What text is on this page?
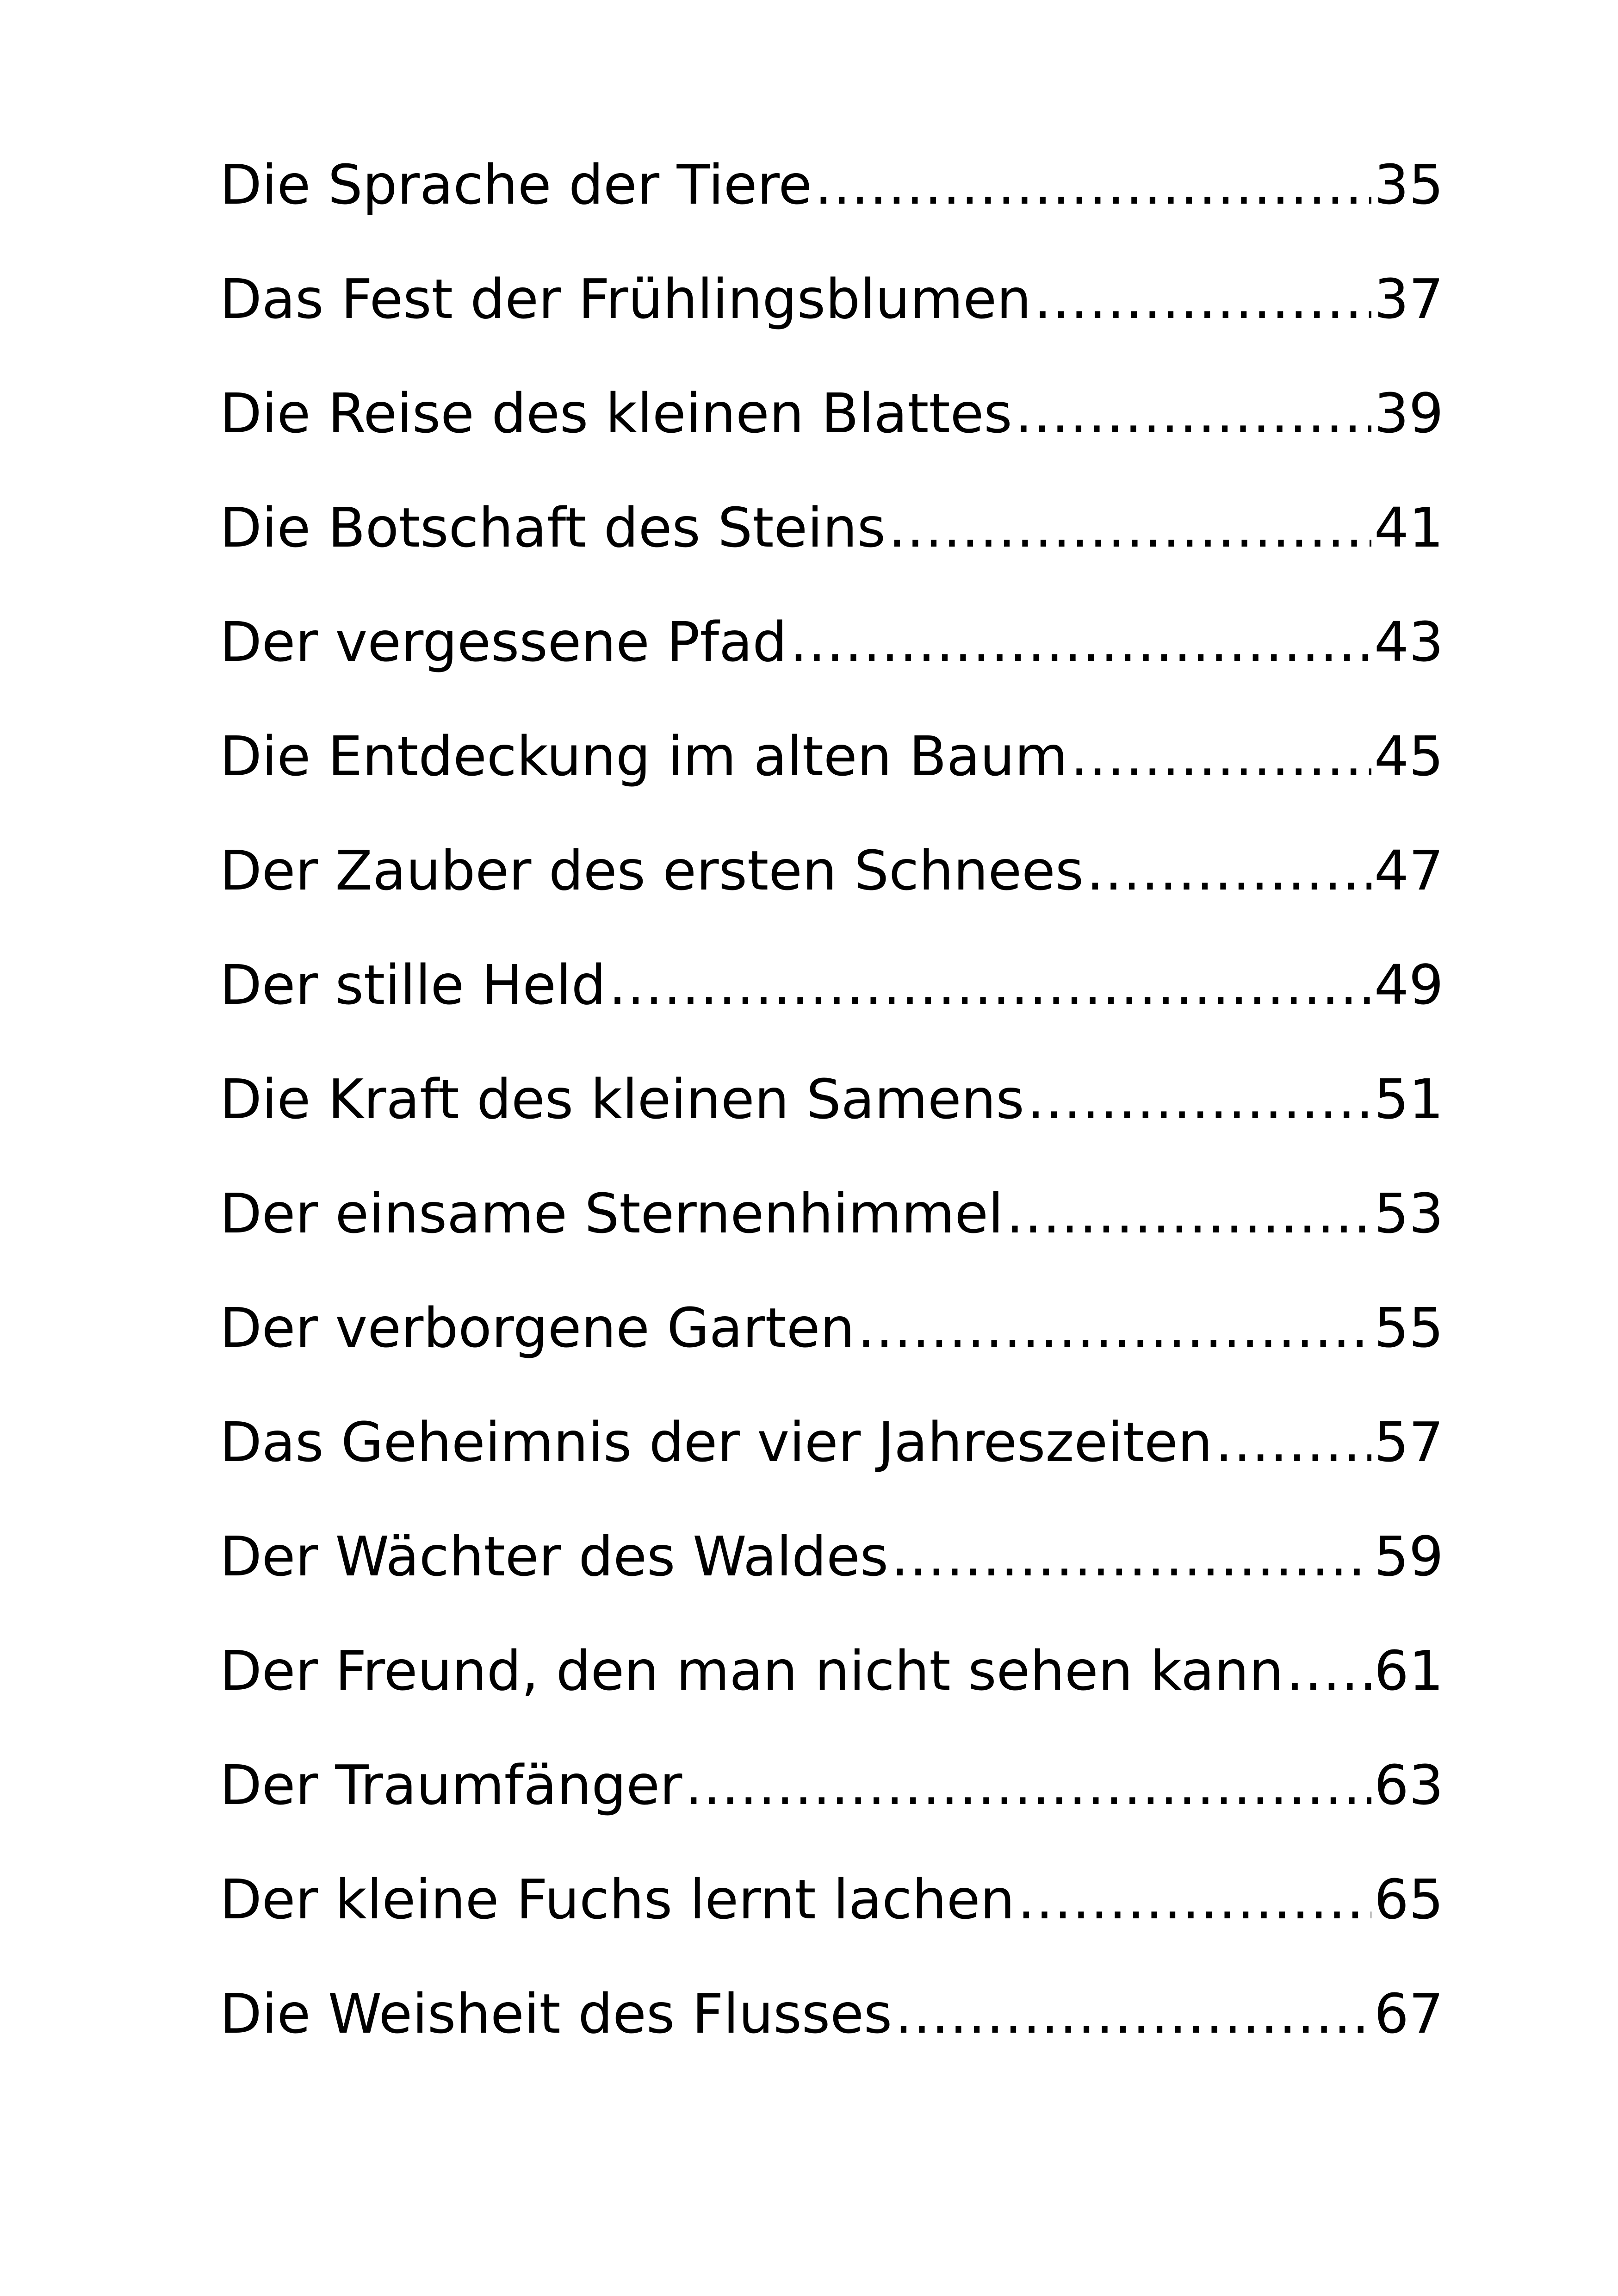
Die Sprache der Tiere .....	35
Das Fest der Frühlingsblumen .....	37
Die Reise des kleinen Blattes .....	39
Die Botschaft des Steins .....	41
Der vergessene Pfad .....	43
Die Entdeckung im alten Baum .....	45
Der Zauber des ersten Schnees .....	47
Der stille Held .....	49
Die Kraft des kleinen Samens .....	51
Der einsame Sternenhimmel .....	53
Der verborgene Garten .....	55
Das Geheimnis der vier Jahreszeiten .....	57
Der Wächter des Waldes .....	59
Der Freund, den man nicht sehen kann ..... 61
Der Traumfänger .....	63
Der kleine Fuchs lernt lachen .....	65
Die Weisheit des Flusses .....	67
